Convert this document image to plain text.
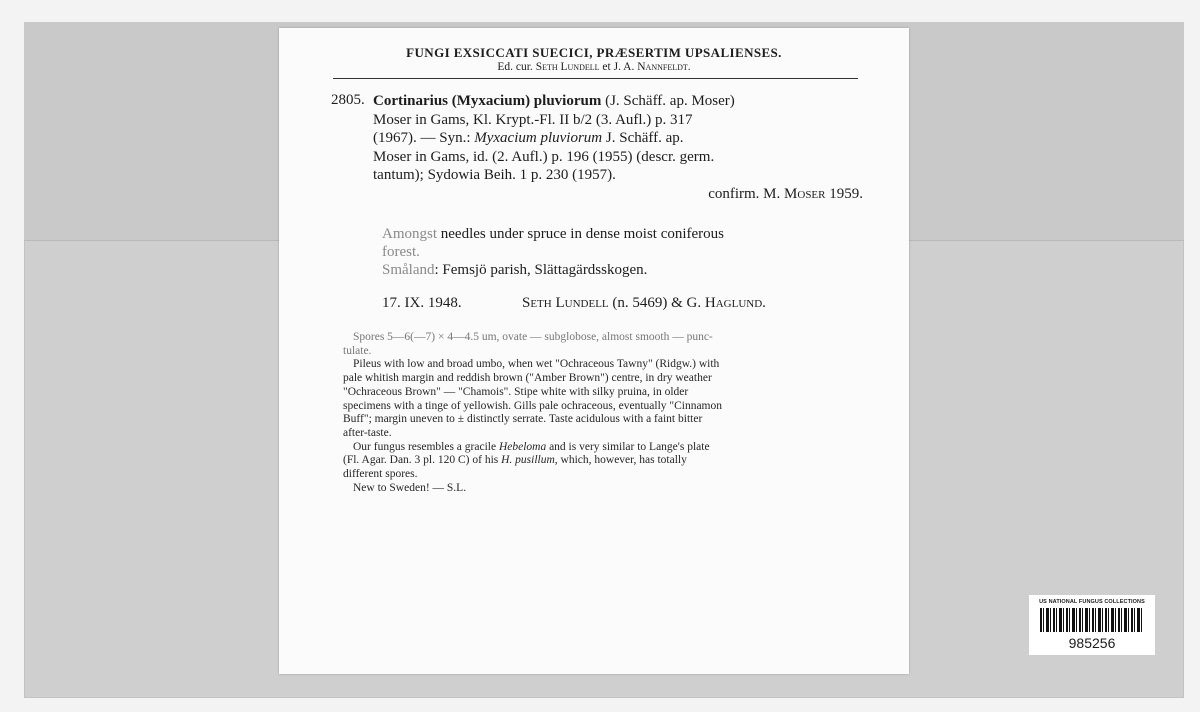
FUNGI EXSICCATI SUECICI, PRÆSERTIM UPSALIENSES.
Ed. cur. Seth Lundell et J. A. Nannfeldt.
2805. Cortinarius (Myxacium) pluviorum (J. Schäff. ap. Moser)
Moser in Gams, Kl. Krypt.-Fl. II b/2 (3. Aufl.) p. 317
(1967). — Syn.: Myxacium pluviorum J. Schäff. ap.
Moser in Gams, id. (2. Aufl.) p. 196 (1955) (descr. germ.
tantum); Sydowia Beih. 1 p. 230 (1957).
confirm. M. Moser 1959.
Amongst needles under spruce in dense moist coniferous
forest.
Småland: Femsjö parish, Slättagärdsskogen.
17. IX. 1948.	Seth Lundell (n. 5469) & G. Haglund.
Spores 5—6(—7) × 4—4.5 um, ovate — subglobose, almost smooth — punc-
tulate.
Pileus with low and broad umbo, when wet "Ochraceous Tawny" (Ridgw.) with
pale whitish margin and reddish brown ("Amber Brown") centre, in dry weather
"Ochraceous Brown" — "Chamois". Stipe white with silky pruina, in older
specimens with a tinge of yellowish. Gills pale ochraceous, eventually "Cinnamon
Buff"; margin uneven to ± distinctly serrate. Taste acidulous with a faint bitter
after-taste.
Our fungus resembles a gracile Hebeloma and is very similar to Lange's plate
(Fl. Agar. Dan. 3 pl. 120 C) of his H. pusillum, which, however, has totally
different spores.
New to Sweden! — S.L.
US NATIONAL FUNGUS COLLECTIONS
985256
